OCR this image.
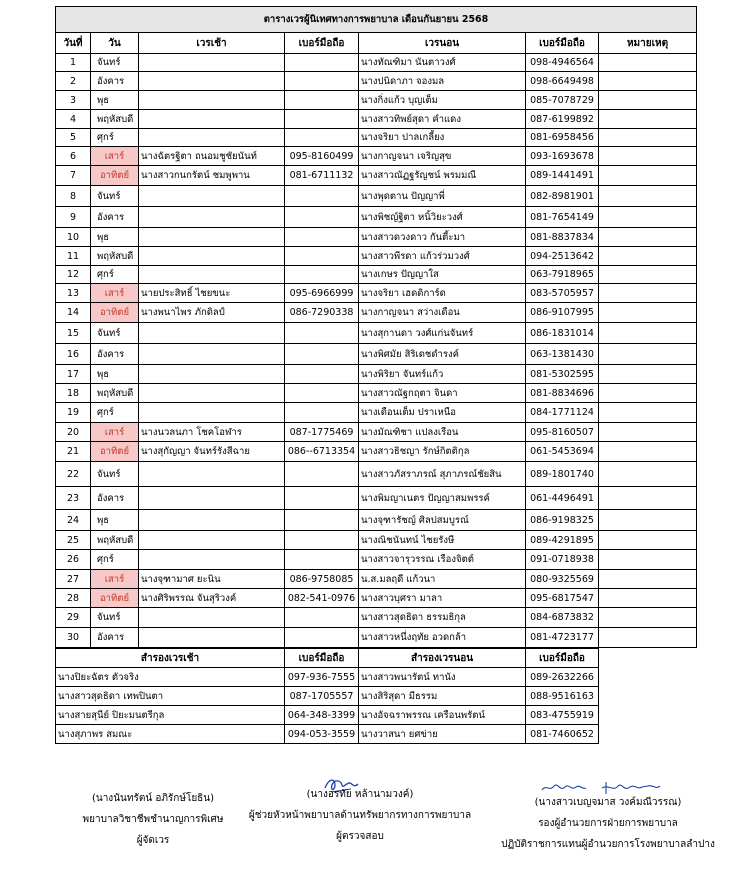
ตารางเวรผู้นิเทศทางการพยาบาล เดือนกันยายน 2568						
วันที่	วัน	เวรเช้า	เบอร์มือถือ	เวรนอน	เบอร์มือถือ	หมายเหตุ
1	จันทร์			นางทัณฑิมา นันตาวงศ์	098-4946564	
2	อังคาร			นางปนิดาภา จองมล	098-6649498	
3	พุธ			นางกิ่งแก้ว บุญเต็ม	085-7078729	
4	พฤหัสบดี			นางสาวทิพย์สุดา คำแดง	087-6199892	
5	ศุกร์			นางจริยา ปาลเกลี้ยง	081-6958456	
6	เสาร์	นางฉัตรฐิตา ถนอมชูชัยนันท์	095-8160499	นางกาญจนา เจริญสุข	093-1693678	
7	อาทิตย์	นางสาวกนกรัตน์ ชมพูพาน	081-6711132	นางสาวณัฏฐรัญชน์ พรมมณี	089-1441491	
8	จันทร์			นางพุดตาน ปัญญาพี่	082-8981901	
9	อังคาร			นางพิชญ์ฐิตา หนิ้วิยะวงศ์	081-7654149	
10	พุธ			นางสาวดวงดาว กันตี้ะมา	081-8837834	
11	พฤหัสบดี			นางสาวพีรดา แก้วร่วมวงศ์	094-2513642	
12	ศุกร์			นางเกษร ปัญญาใส	063-7918965	
13	เสาร์	นายประสิทธิ์ ไชยขนะ	095-6966999	นางจริยา เฮดดิการ์ด	083-5705957	
14	อาทิตย์	นางพนาไพร ภักดิลป์	086-7290338	นางกาญจนา สว่างเดือน	086-9107995	
15	จันทร์			นางสุกานดา วงศ์แก่นจันทร์	086-1831014	
16	อังคาร			นางพิศมัย สิริเดชดำรงค์	063-1381430	
17	พุธ			นางพิริยา จันทร์แก้ว	081-5302595	
18	พฤหัสบดี			นางสาวณัฐกฤตา จินดา	081-8834696	
19	ศุกร์			นางเดือนเต็ม ปราเหนือ	084-1771124	
20	เสาร์	นางนวลนภา โชคโอฬาร	087-1775469	นางมัณฑิชา แปลงเรือน	095-8160507	
21	อาทิตย์	นางสุกัญญา จันทร์รังสีฉาย	086--6713354	นางสาวธิชญา รักษ์กิตติกุล	061-5453694	
22	จันทร์			นางสาวภัสราภรณ์ สุภาภรณ์ชัยสิน	089-1801740	
23	อังคาร			นางพิมญาเนตร ปัญญาสมพรรค์	061-4496491	
24	พุธ			นางจุฑารัชญ์ ศิลปสมบูรณ์	086-9198325	
25	พฤหัสบดี			นางณิชนันทน์ ไชยรังษี	089-4291895	
26	ศุกร์			นางสาวจารุวรรณ เรืองจิตต์	091-0718938	
27	เสาร์	นางจุฑามาศ ยะนิน	086-9758085	น.ส.มลฤดี แก้วนา	080-9325569	
28	อาทิตย์	นางศิริพรรณ จันสุริวงค์	082-541-0976	นางสาวบุศรา มาลา	095-6817547	
29	จันทร์			นางสาวสุดธิดา ธรรมธิกุล	084-6873832	
30	อังคาร			นางสาวหนึ่งฤทัย อวดกล้า	081-4723177	
สำรองเวรเช้า	เบอร์มือถือ	สำรองเวรนอน	เบอร์มือถือ	
นางปิยะฉัตร ตัวจริง	097-936-7555	นางสาวพนารัตน์ ทานัง	089-2632266	
นางสาวสุดธิดา เทพปินตา	087-1705557	นางสิริสุดา มีธรรม	088-9516163	
นางสายสุนีย์ ปิยะมนตรีกุล	064-348-3399	นางอัจฉราพรรณ เครือนพรัตน์	083-4755919	
นางสุภาพร สมณะ	094-053-3559	นางวาสนา ยศข่าย	081-7460652	
(นางนันทรัตน์ อภิรักษ์โยธิน)
พยาบาลวิชาชีพชำนาญการพิเศษ
ผู้จัดเวร
(นางอรทัย หล้านามวงค์)
ผู้ช่วยหัวหน้าพยาบาลด้านทรัพยากรทางการพยาบาล
ผู้ตรวจสอบ
(นางสาวเบญจมาส วงค์มณีวรรณ)
รองผู้อำนวยการฝ่ายการพยาบาล
ปฏิบัติราชการแทนผู้อำนวยการโรงพยาบาลลำปาง
